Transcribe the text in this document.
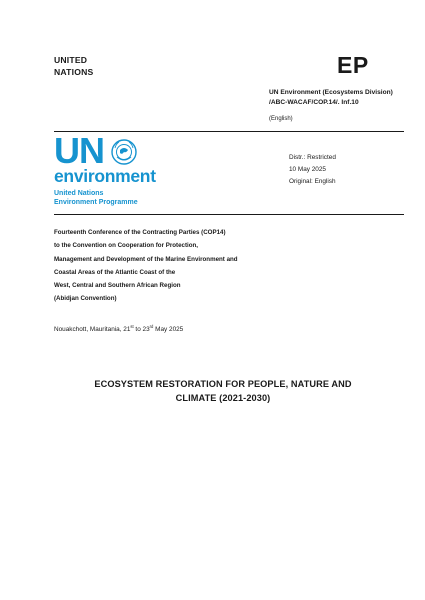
UNITED
NATIONS	EP
UN Environment (Ecosystems Division)
/ABC-WACAF/COP.14/. Inf.10
(English)
UN
environment
United Nations
Environment Programme
Distr.: Restricted
10 May 2025
Original: English
Fourteenth Conference of the Contracting Parties (COP14)
to the Convention on Cooperation for Protection,
Management and Development of the Marine Environment and
Coastal Areas of the Atlantic Coast of the
West, Central and Southern African Region
(Abidjan Convention)
Nouakchott, Mauritania, 21st to 23rd May 2025
ECOSYSTEM RESTORATION FOR PEOPLE, NATURE AND
CLIMATE (2021-2030)
